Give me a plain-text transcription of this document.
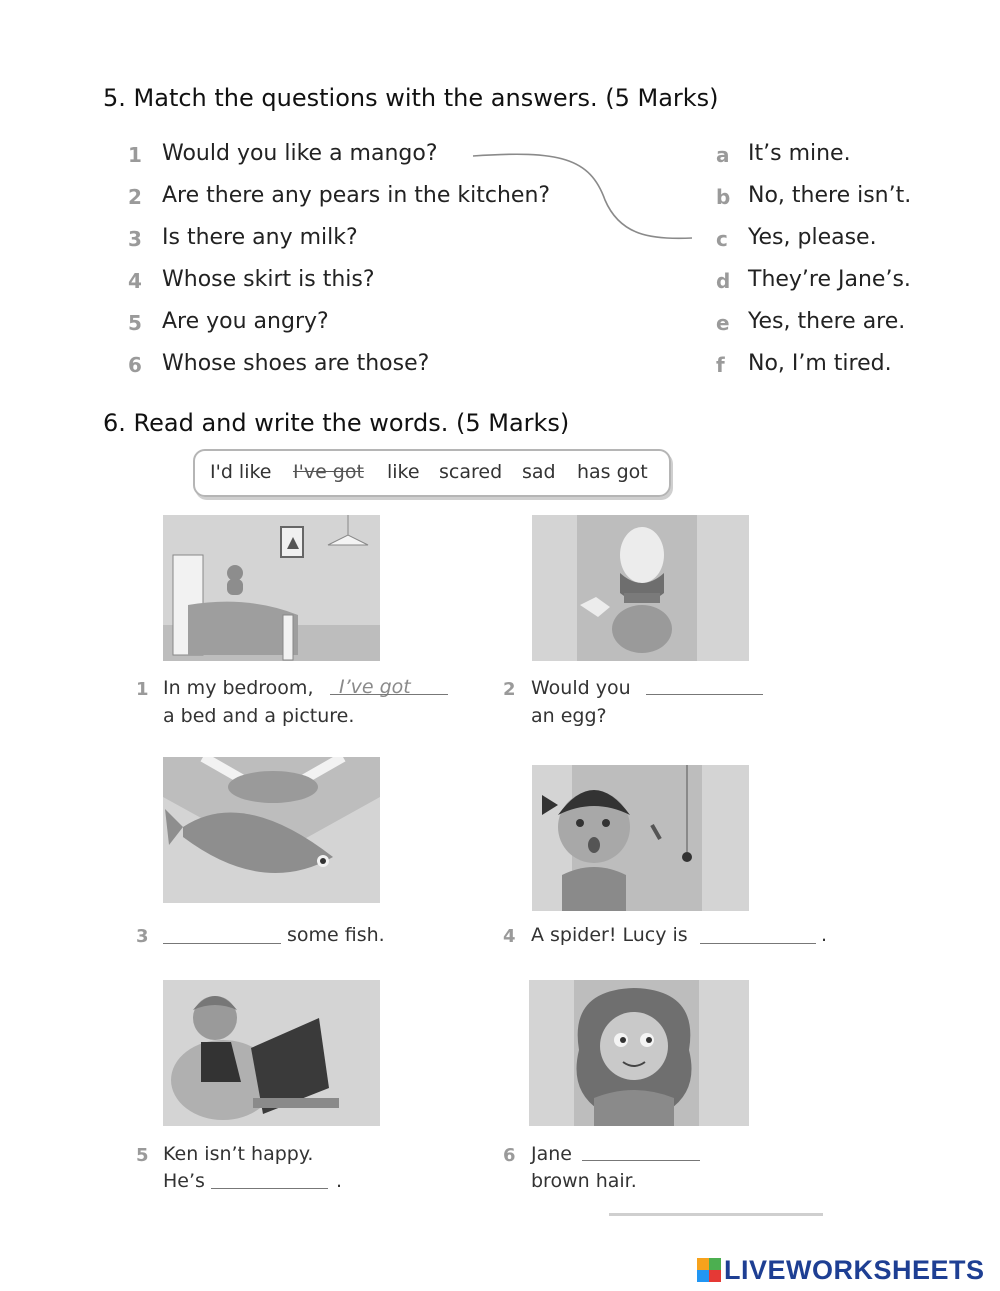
5. Match the questions with the answers. (5 Marks)
1 Would you like a mango?
2 Are there any pears in the kitchen?
3 Is there any milk?
4 Whose skirt is this?
5 Are you angry?
6 Whose shoes are those?
a It’s mine.
b No, there isn’t.
c Yes, please.
d They’re Jane’s.
e Yes, there are.
f No, I’m tired.
6. Read and write the words. (5 Marks)
I'd like I've got like scared sad has got
1 In my bedroom, I’ve got
a bed and a picture.
2 Would you
an egg?
3	some fish.	4 A spider! Lucy is	.
5 Ken isn’t happy.
He’s	.
6 Jane
brown hair.
LIVEWORKSHEETS
